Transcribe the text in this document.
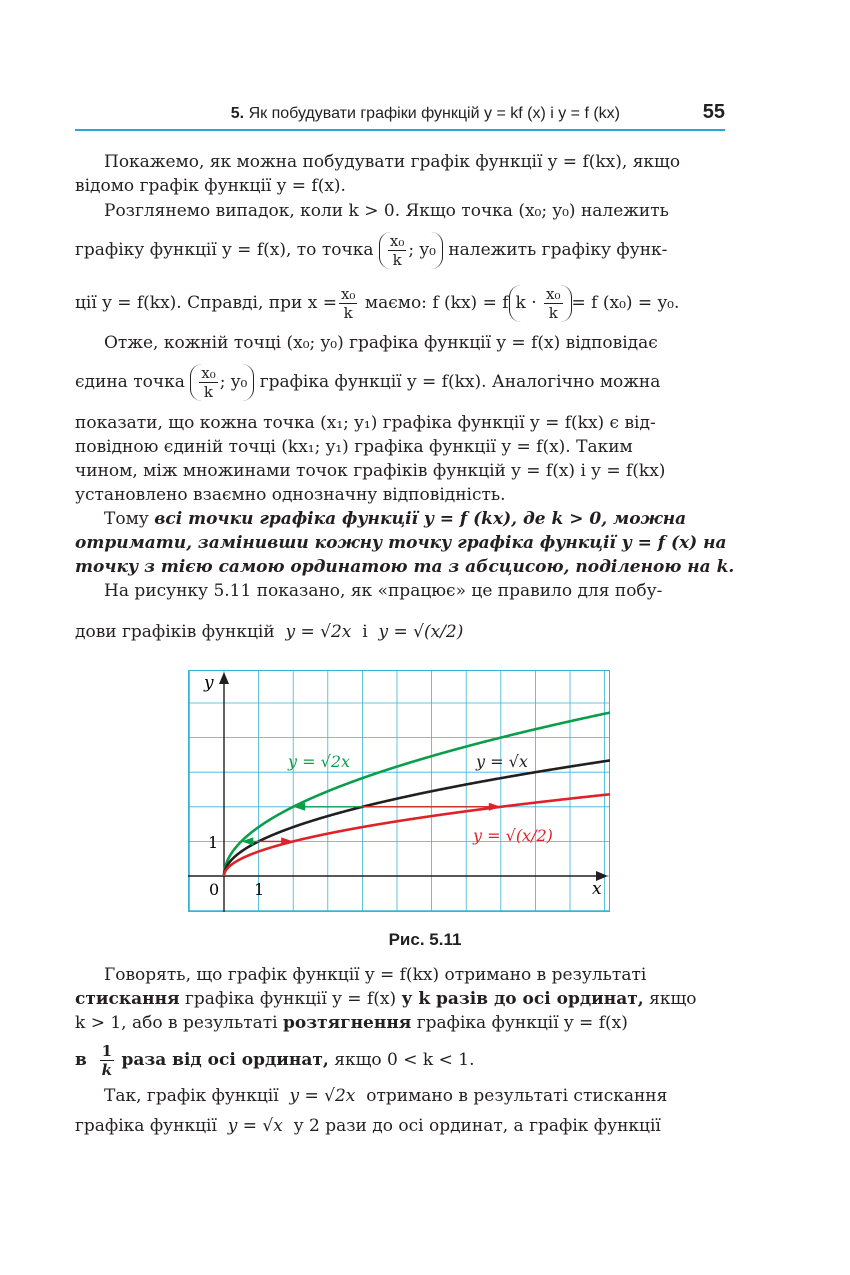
5. Як побудувати графіки функцій y = kf (x) і y = f (kx)	55
Покажемо, як можна побудувати графік функції y = f(kx), якщо
відомо графік функції y = f(x).
Розглянемо випадок, коли k > 0. Якщо точка (x₀; y₀) належить
графіку функції y = f(x), то точка
$\frac{\text{x₀}}{k}$ ; y₀
належить графіку функ-
ції y = f(kx). Справді, при $x = \frac{\text{x₀}}{k}$
маємо: f (kx) = f $k \cdot \frac{\text{x₀}}{k} = f$ (x₀) = y₀.
Отже, кожній точці (x₀; y₀) графіка функції y = f(x) відповідає
єдина точка
$\frac{\text{x₀}}{k}$ ; y₀
графіка функції y = f(kx). Аналогічно можна
показати, що кожна точка (x₁; y₁) графіка функції y = f(kx) є від-
повідною єдиній точці (kx₁; y₁) графіка функції y = f(x). Таким
чином, між множинами точок графіків функцій y = f(x) і y = f(kx)
установлено взаємно однозначну відповідність.
Тому всі точки графіка функції y = f (kx), де k > 0, можна
отримати, замінивши кожну точку графіка функції y = f (x) на
точку з тією самою ординатою та з абсцисою, поділеною на k.
На рисунку 5.11 показано, як «працює» це правило для побу-
дови графіків функцій
y = √2x
і
y = √(x/2)
y
x
0 1
1
y = √2x	y = √x
y = √(x/2)
Рис. 5.11
Говорять, що графік функції y = f(kx) отримано в результаті
стискання графіка функції y = f(x) у k разів до осі ординат, якщо
k > 1, або в результаті розтягнення графіка функції y = f(x)
в
$\frac{1}{k}$
раза від осі ординат,
якщо 0 < k < 1.
Так, графік функції y = √2x отримано в результаті стискання
графіка функції y = √x у 2 рази до осі ординат, а графік функції
